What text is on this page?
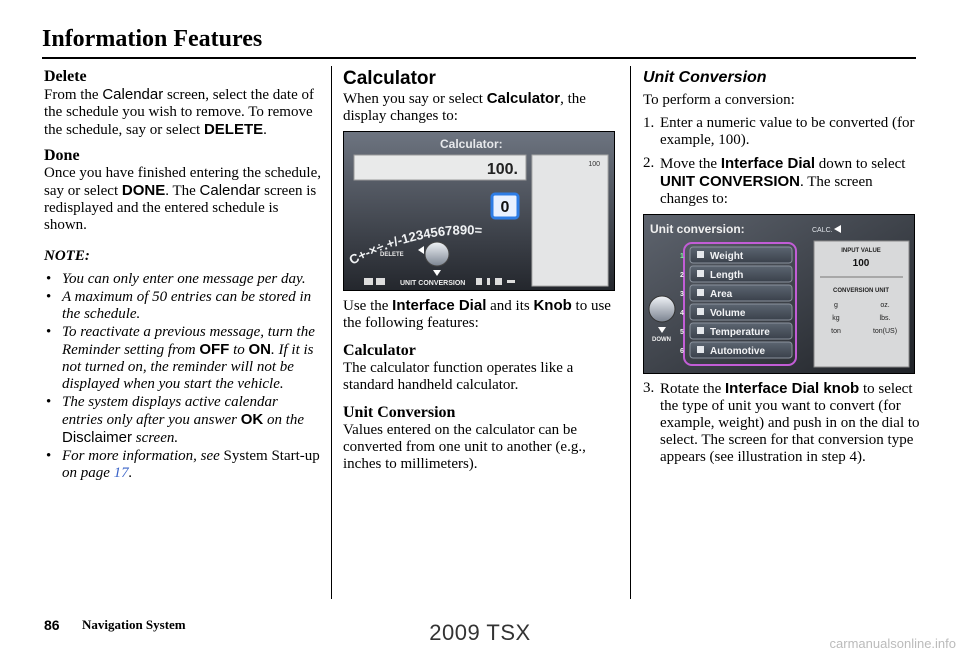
Information Features
Delete

From the Calendar screen, select the date of the schedule you wish to remove. To remove the schedule, say or select DELETE.

Done

Once you have finished entering the schedule, say or select DONE. The Calendar screen is redisplayed and the entered schedule is shown.

NOTE:
• You can only enter one message per day.
• A maximum of 50 entries can be stored in the schedule.
• To reactivate a previous message, turn the Reminder setting from OFF to ON. If it is not turned on, the reminder will not be displayed when you start the vehicle.
• The system displays active calendar entries only after you answer OK on the Disclaimer screen.
• For more information, see System Start-up on page 17.
Calculator

When you say or select Calculator, the display changes to:

Calculator:
100.	100
0
C+-×÷.+/-1234567890=
DELETE
UNIT CONVERSION

Use the Interface Dial and its Knob to use the following features:

Calculator

The calculator function operates like a standard handheld calculator.

Unit Conversion

Values entered on the calculator can be converted from one unit to another (e.g., inches to millimeters).

Unit Conversion

To perform a conversion:

1. Enter a numeric value to be converted (for example, 100).
2. Move the Interface Dial down to select UNIT CONVERSION. The screen changes to:
Unit conversion:	CALC.
Weight
1
Length
2
Area
3
Volume
4
Temperature
5
Automotive
6
DOWN
INPUT VALUE
100
CONVERSION UNIT
g	oz.
kg	lbs.
ton	ton(US)
3. Rotate the Interface Dial knob to select the type of unit you want to convert (for example, weight) and push in on the dial to select. The screen for that conversion type appears (see illustration in step 4).
86 Navigation System	2009 TSX	carmanualsonline.info
